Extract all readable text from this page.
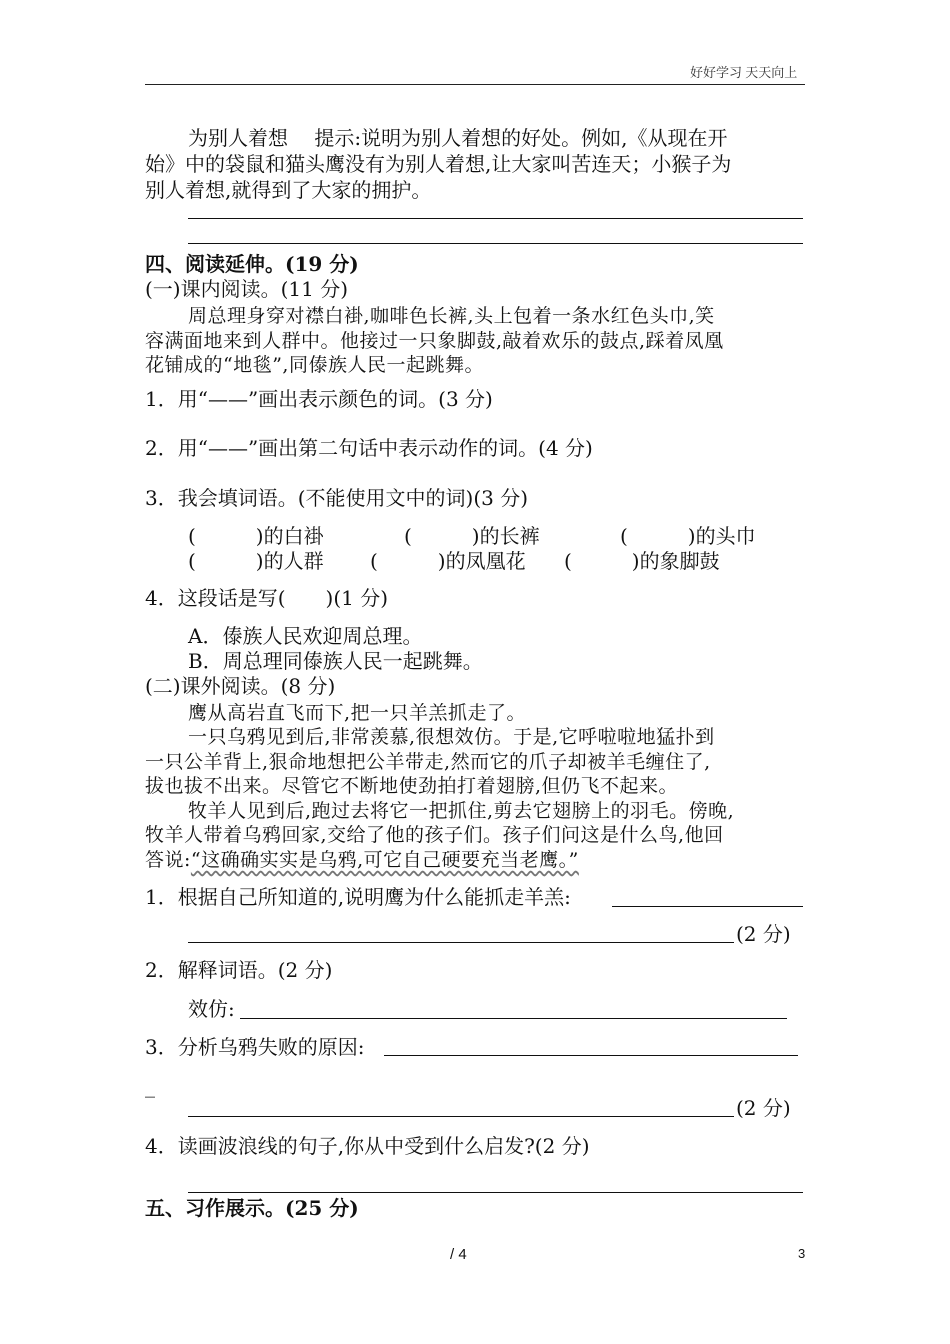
好好学习 天天向上
为别人着想　 提示:说明为别人着想的好处。例如,《从现在开
始》中的袋鼠和猫头鹰没有为别人着想,让大家叫苦连天；小猴子为
别人着想,就得到了大家的拥护。
四、阅读延伸。(19 分)
(一)课内阅读。(11 分)
周总理身穿对襟白褂,咖啡色长裤,头上包着一条水红色头巾,笑
容满面地来到人群中。他接过一只象脚鼓,敲着欢乐的鼓点,踩着凤凰
花铺成的“地毯”,同傣族人民一起跳舞。
1．用“——”画出表示颜色的词。(3 分)
2．用“——”画出第二句话中表示动作的词。(4 分)
3．我会填词语。(不能使用文中的词)(3 分)
(　　　)的白褂	(　　　)的长裤	(　　　)的头巾
(　　　)的人群 (　　　)的凤凰花 (　　　)的象脚鼓
4．这段话是写(　　)(1 分)
A．傣族人民欢迎周总理。
B．周总理同傣族人民一起跳舞。
(二)课外阅读。(8 分)
鹰从高岩直飞而下,把一只羊羔抓走了。
一只乌鸦见到后,非常羡慕,很想效仿。于是,它呼啦啦地猛扑到
一只公羊背上,狠命地想把公羊带走,然而它的爪子却被羊毛缠住了,
拔也拔不出来。尽管它不断地使劲拍打着翅膀,但仍飞不起来。
牧羊人见到后,跑过去将它一把抓住,剪去它翅膀上的羽毛。傍晚,
牧羊人带着乌鸦回家,交给了他的孩子们。孩子们问这是什么鸟,他回
答说:“这确确实实是乌鸦,可它自己硬要充当老鹰。”
1．根据自己所知道的,说明鹰为什么能抓走羊羔:
(2 分)
2．解释词语。(2 分)
效仿:
3．分析乌鸦失败的原因:
_
(2 分)
4．读画波浪线的句子,你从中受到什么启发?(2 分)
五、习作展示。(25 分)
/ 4	3
